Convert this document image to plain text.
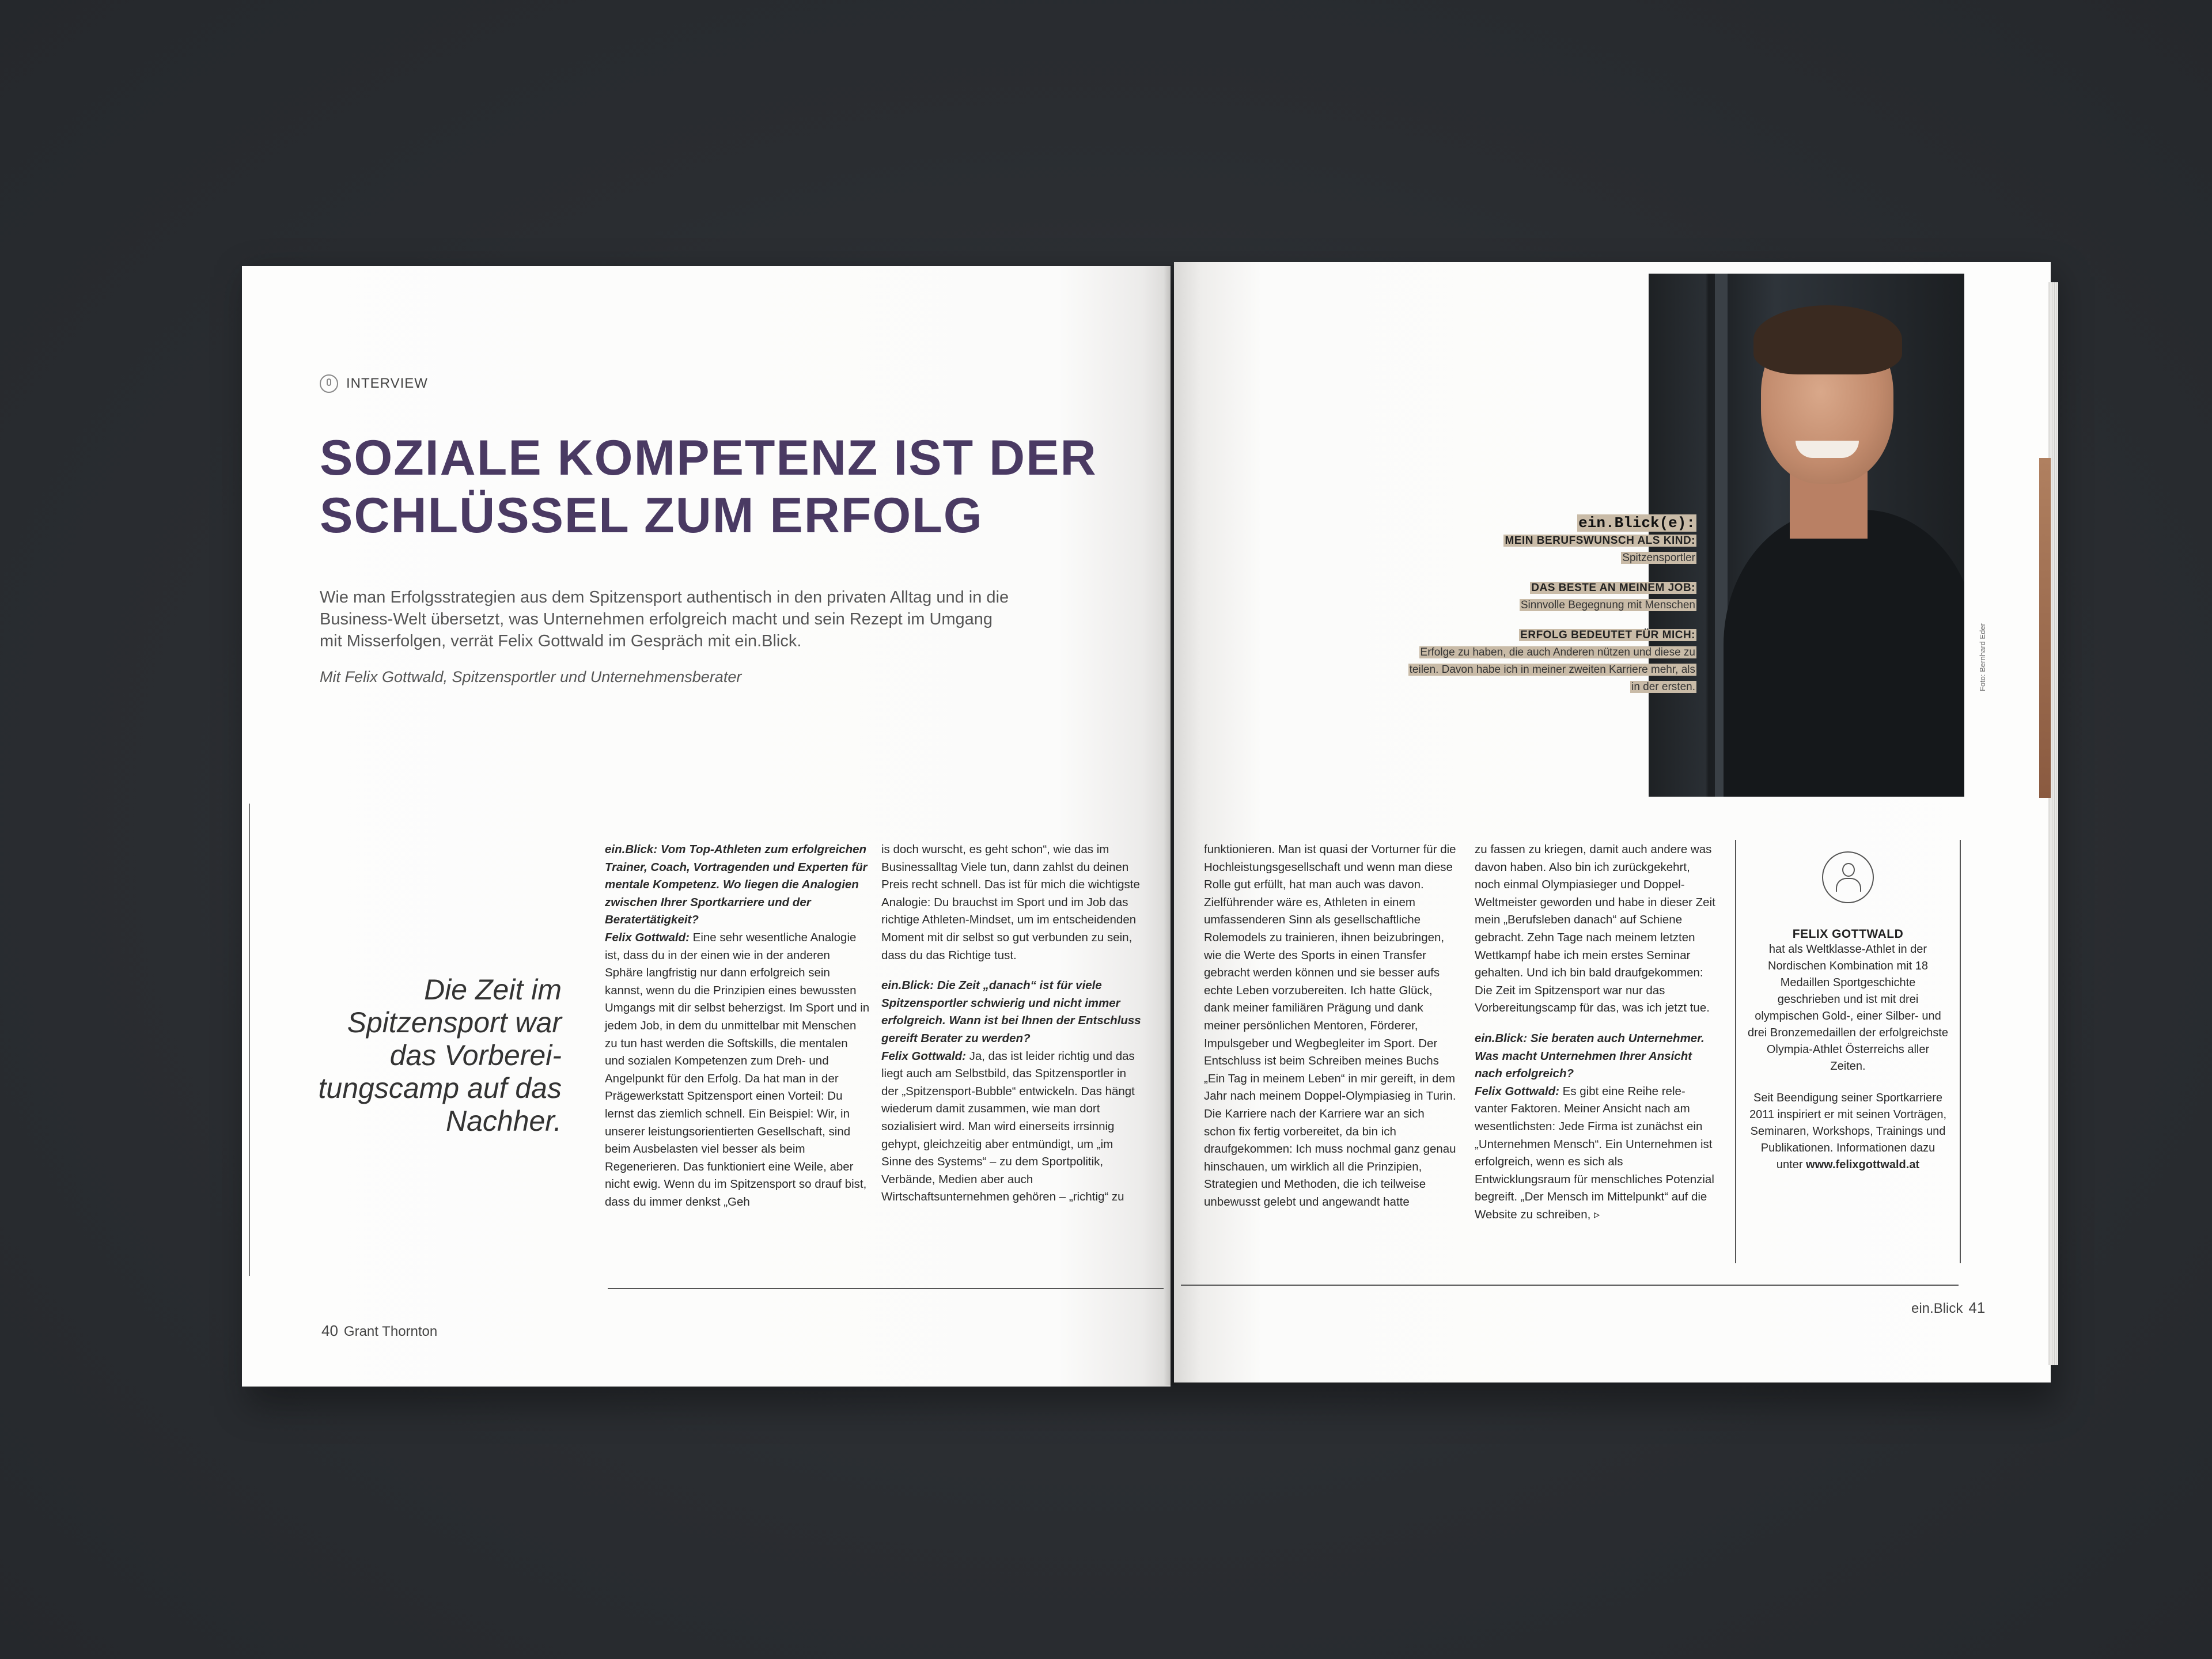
INTERVIEW
SOZIALE KOMPETENZ IST DER
SCHLÜSSEL ZUM ERFOLG
Wie man Erfolgsstrategien aus dem Spitzensport authentisch in den privaten Alltag und in die Business-Welt übersetzt, was Unternehmen erfolgreich macht und sein Rezept im Umgang mit Misserfolgen, verrät Felix Gottwald im Gespräch mit ein.Blick.
Mit Felix Gottwald, Spitzensportler und Unternehmensberater
Die Zeit im Spitzensport war das Vorberei-tungscamp auf das Nachher.

ein.Blick: Vom Top-Athleten zum erfolgreichen Trainer, Coach, Vortragenden und Experten für mentale Kompetenz. Wo liegen die Analogien zwischen Ihrer Sportkarriere und der Beratertätigkeit?

Felix Gottwald: Eine sehr wesentliche Analogie ist, dass du in der einen wie in der anderen Sphäre langfristig nur dann erfolgreich sein kannst, wenn du die Prinzipien eines bewussten Umgangs mit dir selbst beherzigst. Im Sport und in jedem Job, in dem du unmittelbar mit Menschen zu tun hast werden die Softskills, die mentalen und sozialen Kompetenzen zum Dreh- und Angelpunkt für den Erfolg. Da hat man in der Prägewerkstatt Spitzensport einen Vorteil: Du lernst das ziemlich schnell. Ein Beispiel: Wir, in unserer leistungsorientierten Gesellschaft, sind beim Ausbelasten viel besser als beim Regenerieren. Das funktioniert eine Weile, aber nicht ewig. Wenn du im Spitzensport so drauf bist, dass du immer denkst „Geh

is doch wurscht, es geht schon“, wie das im Businessalltag Viele tun, dann zahlst du deinen Preis recht schnell. Das ist für mich die wichtigste Analogie: Du brauchst im Sport und im Job das richtige Athleten-Mindset, um im entscheidenden Moment mit dir selbst so gut verbunden zu sein, dass du das Richtige tust.

ein.Blick: Die Zeit „danach“ ist für viele Spitzensportler schwierig und nicht immer erfolgreich. Wann ist bei Ihnen der Entschluss gereift Berater zu werden?

Felix Gottwald: Ja, das ist leider richtig und das liegt auch am Selbstbild, das Spitzensportler in der „Spitzensport-Bubble“ entwickeln. Das hängt wiederum damit zusammen, wie man dort sozialisiert wird. Man wird einerseits irrsinnig gehypt, gleichzeitig aber entmündigt, um „im Sinne des Systems“ – zu dem Sportpolitik, Verbände, Medien aber auch Wirtschaftsunternehmen gehören – „richtig“ zu

40 Grant Thornton
Foto: Bernhard Eder
ein.Blick(e):
MEIN BERUFSWUNSCH ALS KIND:
Spitzensportler
DAS BESTE AN MEINEM JOB:
Sinnvolle Begegnung mit Menschen
ERFOLG BEDEUTET FÜR MICH:
Erfolge zu haben, die auch Anderen nützen und diese zu teilen. Davon habe ich in meiner zweiten Karriere mehr, als in der ersten.

funktionieren. Man ist quasi der Vorturner für die Hochleistungsgesellschaft und wenn man diese Rolle gut erfüllt, hat man auch was davon. Zielführender wäre es, Athleten in einem umfassenderen Sinn als gesellschaftliche Rolemodels zu trainieren, ihnen beizubringen, wie die Werte des Sports in einen Transfer gebracht werden können und sie besser aufs echte Leben vorzubereiten. Ich hatte Glück, dank meiner familiären Prägung und dank meiner persönlichen Mentoren, Förderer, Impulsgeber und Wegbegleiter im Sport. Der Entschluss ist beim Schreiben meines Buchs „Ein Tag in meinem Leben“ in mir gereift, in dem Jahr nach meinem Doppel-Olympiasieg in Turin. Die Karriere nach der Karriere war an sich schon fix fertig vorbereitet, da bin ich draufgekommen: Ich muss nochmal ganz genau hinschauen, um wirklich all die Prinzipien, Strategien und Methoden, die ich teilweise unbewusst gelebt und angewandt hatte

zu fassen zu kriegen, damit auch andere was davon haben. Also bin ich zurückgekehrt, noch einmal Olympiasieger und Doppel-Weltmeister geworden und habe in dieser Zeit mein „Berufsleben danach“ auf Schiene gebracht. Zehn Tage nach meinem letzten Wettkampf habe ich mein erstes Seminar gehalten. Und ich bin bald draufgekommen: Die Zeit im Spitzensport war nur das Vorbereitungscamp für das, was ich jetzt tue.

ein.Blick: Sie beraten auch Unternehmer. Was macht Unternehmen Ihrer Ansicht nach erfolgreich?

Felix Gottwald: Es gibt eine Reihe rele-vanter Faktoren. Meiner Ansicht nach am wesentlichsten: Jede Firma ist zunächst ein „Unternehmen Mensch“. Ein Unternehmen ist erfolgreich, wenn es sich als Entwicklungsraum für menschliches Potenzial begreift. „Der Mensch im Mittelpunkt“ auf die Website zu schreiben, ▹

FELIX GOTTWALD
hat als Weltklasse-Athlet in der Nordischen Kombination mit 18 Medaillen Sportgeschichte geschrieben und ist mit drei olympischen Gold-, einer Silber- und drei Bronzemedaillen der erfolgreichste Olympia-Athlet Österreichs aller Zeiten.
Seit Beendigung seiner Sportkarriere 2011 inspiriert er mit seinen Vorträgen, Seminaren, Workshops, Trainings und Publikationen. Informationen dazu unter www.felixgottwald.at
ein.Blick 41
